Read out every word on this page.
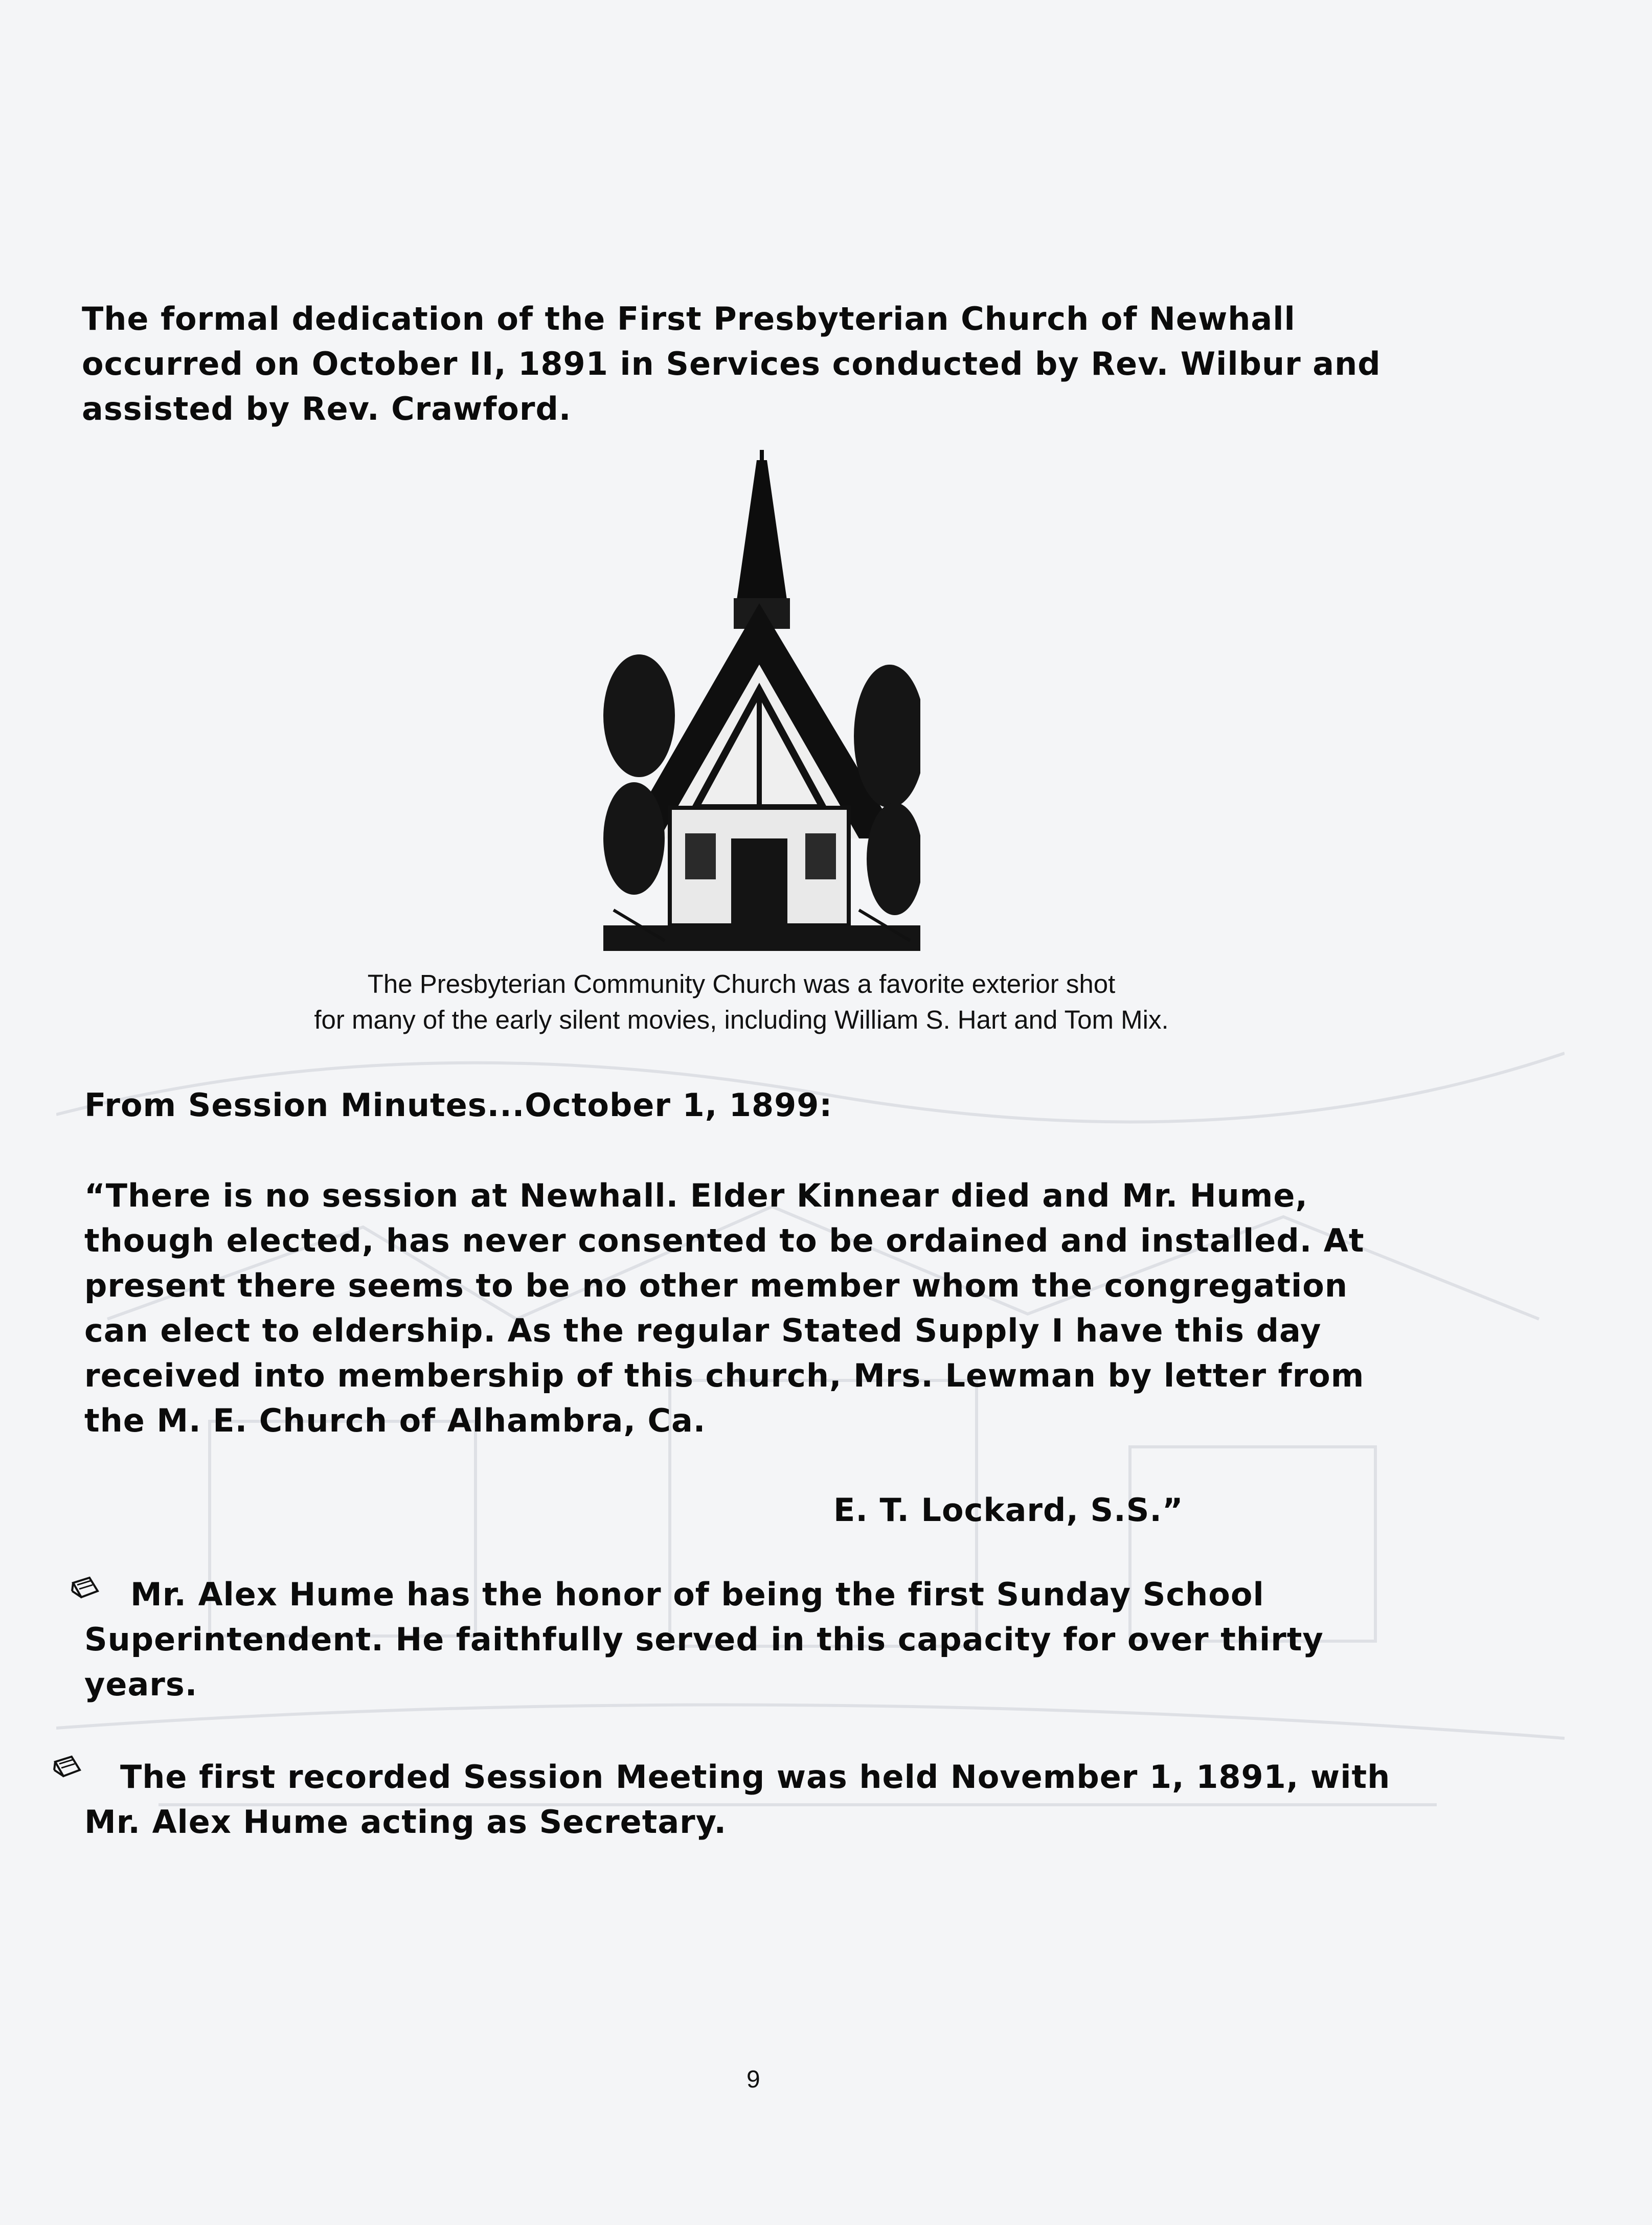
The formal dedication of the First Presbyterian Church of Newhall
occurred on October II, 1891 in Services conducted by Rev. Wilbur and
assisted by Rev. Crawford.
The Presbyterian Community Church was a favorite exterior shot
for many of the early silent movies, including William S. Hart and Tom Mix.
From Session Minutes...October 1, 1899:
“There is no session at Newhall. Elder Kinnear died and Mr. Hume,
though elected, has never consented to be ordained and installed. At
present there seems to be no other member whom the congregation
can elect to eldership. As the regular Stated Supply I have this day
received into membership of this church, Mrs. Lewman by letter from
the M. E. Church of Alhambra, Ca.
E. T. Lockard, S.S.”
Mr. Alex Hume has the honor of being the first Sunday School
Superintendent. He faithfully served in this capacity for over thirty
years.
The first recorded Session Meeting was held November 1, 1891, with
Mr. Alex Hume acting as Secretary.
9
